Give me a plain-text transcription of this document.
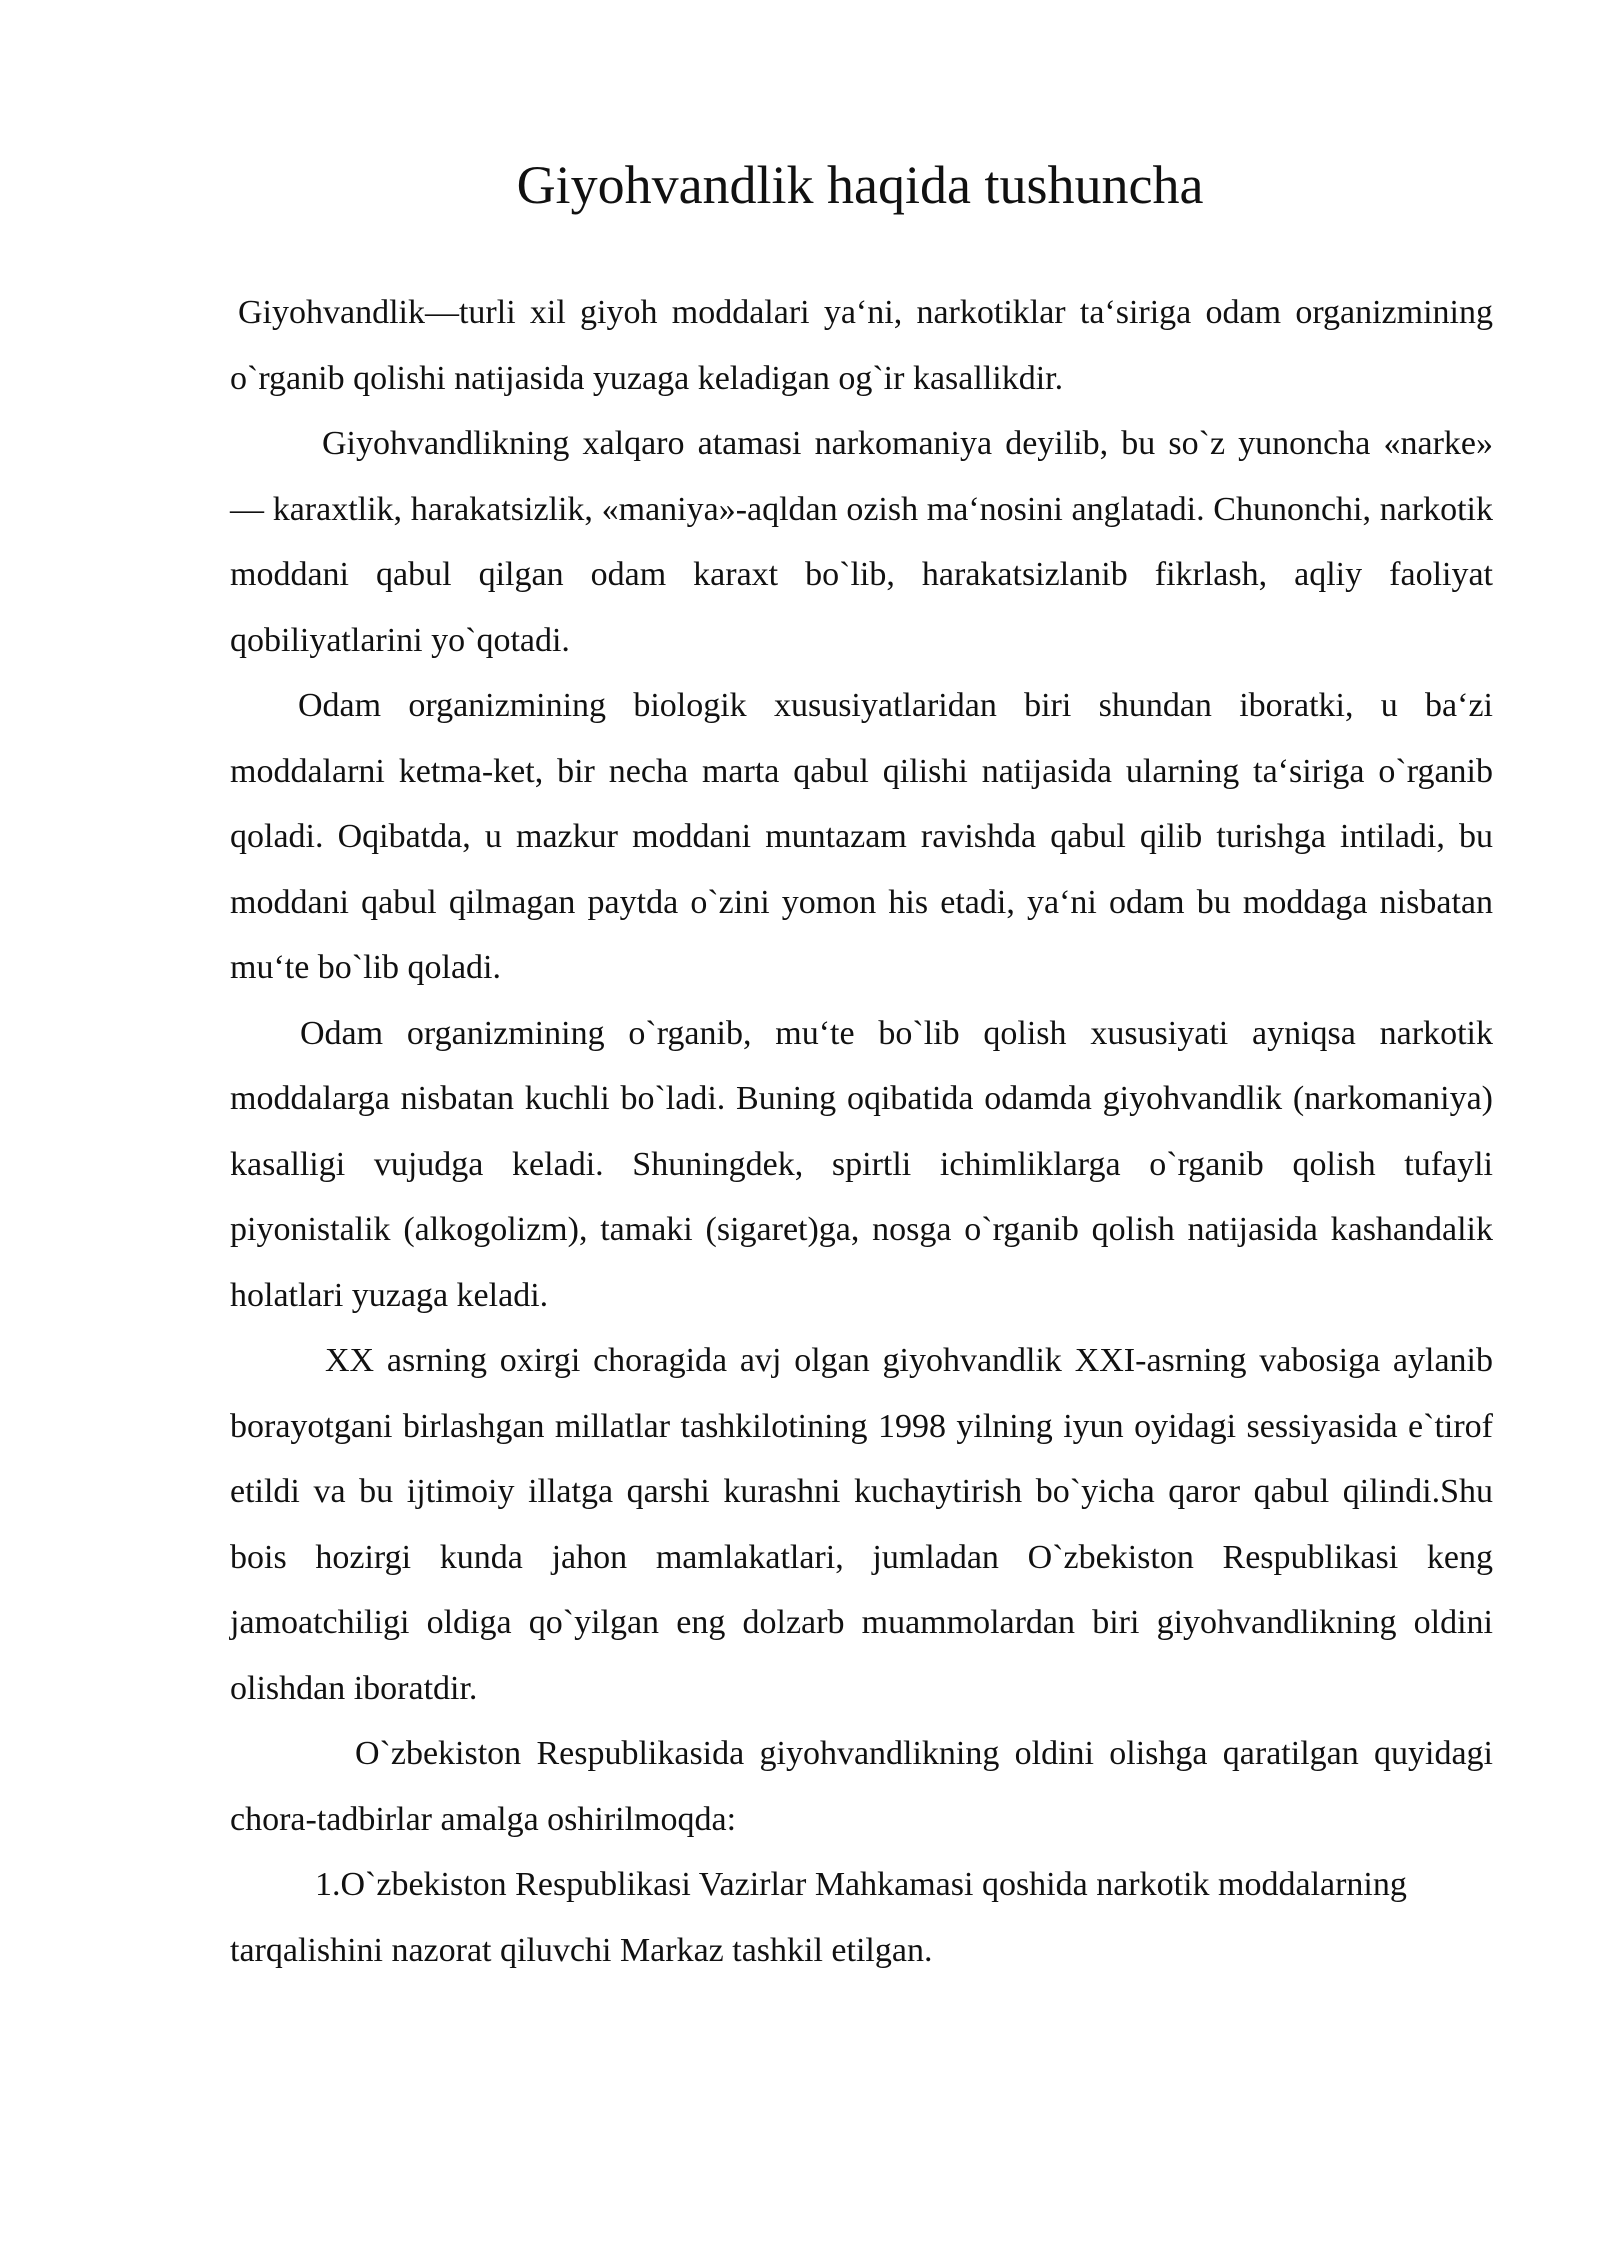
Giyohvandlik haqida tushuncha

Giyohvandlik—turli xil giyoh moddalari ya‘ni, narkotiklar ta‘siriga odam organizmining o`rganib qolishi natijasida yuzaga keladigan og`ir kasallikdir.

Giyohvandlikning xalqaro atamasi narkomaniya deyilib, bu so`z yunoncha «narke» — karaxtlik, harakatsizlik, «maniya»-aqldan ozish ma‘nosini anglatadi. Chunonchi, narkotik moddani qabul qilgan odam karaxt bo`lib, harakatsizlanib fikrlash, aqliy faoliyat qobiliyatlarini yo`qotadi.

Odam organizmining biologik xususiyatlaridan biri shundan iboratki, u ba‘zi moddalarni ketma-ket, bir necha marta qabul qilishi natijasida ularning ta‘siriga o`rganib qoladi. Oqibatda, u mazkur moddani muntazam ravishda qabul qilib turishga intiladi, bu moddani qabul qilmagan paytda o`zini yomon his etadi, ya‘ni odam bu moddaga nisbatan mu‘te bo`lib qoladi.

Odam organizmining o`rganib, mu‘te bo`lib qolish xususiyati ayniqsa narkotik moddalarga nisbatan kuchli bo`ladi. Buning oqibatida odamda giyohvandlik (narkomaniya) kasalligi vujudga keladi. Shuningdek, spirtli ichimliklarga o`rganib qolish tufayli piyonistalik (alkogolizm), tamaki (sigaret)ga, nosga o`rganib qolish natijasida kashandalik holatlari yuzaga keladi.

XX asrning oxirgi choragida avj olgan giyohvandlik XXI-asrning vabosiga aylanib borayotgani birlashgan millatlar tashkilotining 1998 yilning iyun oyidagi sessiyasida e`tirof etildi va bu ijtimoiy illatga qarshi kurashni kuchaytirish bo`yicha qaror qabul qilindi.Shu bois hozirgi kunda jahon mamlakatlari, jumladan O`zbekiston Respublikasi keng jamoatchiligi oldiga qo`yilgan eng dolzarb muammolardan biri giyohvandlikning oldini olishdan iboratdir.

O`zbekiston Respublikasida giyohvandlikning oldini olishga qaratilgan quyidagi chora-tadbirlar amalga oshirilmoqda:

1.O`zbekiston Respublikasi Vazirlar Mahkamasi qoshida narkotik moddalarning tarqalishini nazorat qiluvchi Markaz tashkil etilgan.
